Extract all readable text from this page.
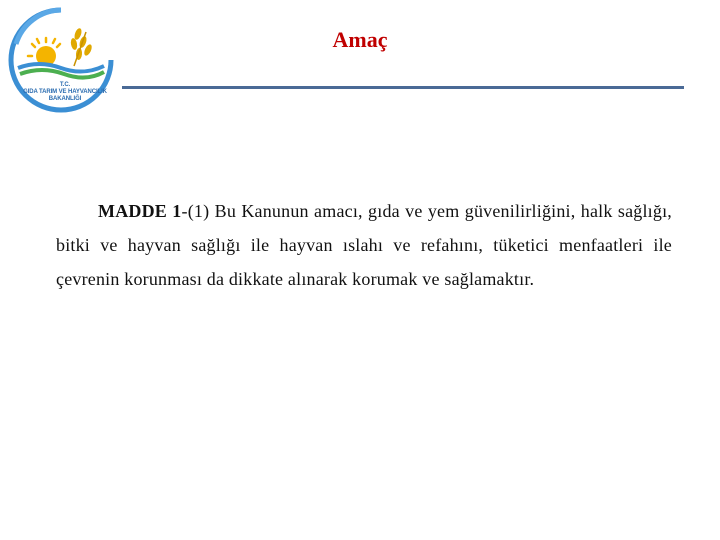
T.C.
GIDA TARIM VE HAYVANCILIK
BAKANLIĞI
Amaç

MADDE 1-(1) Bu Kanunun amacı, gıda ve yem güvenilirliğini, halk sağlığı, bitki ve hayvan sağlığı ile hayvan ıslahı ve refahını, tüketici menfaatleri ile çevrenin korunması da dikkate alınarak korumak ve sağlamaktır.
